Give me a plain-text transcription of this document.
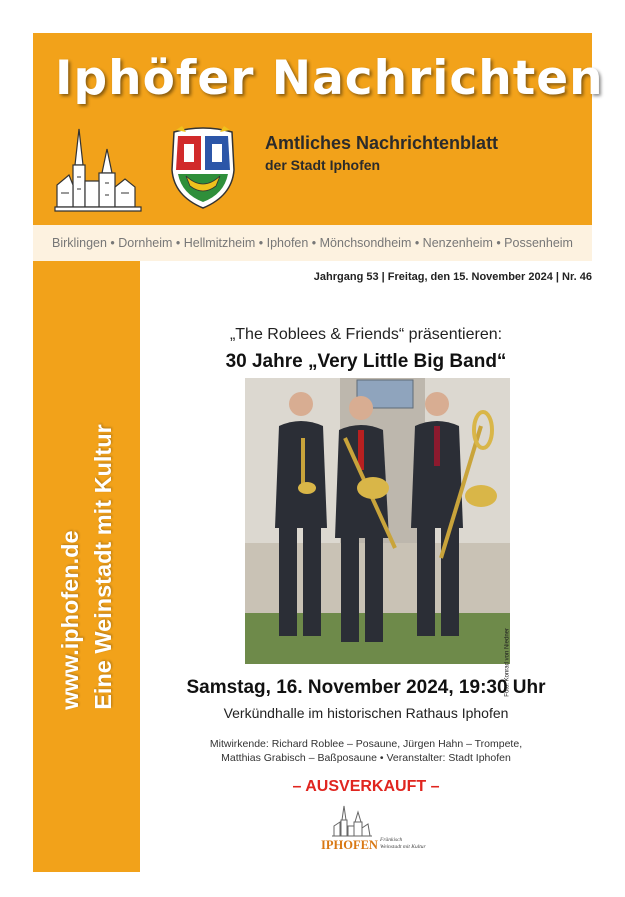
Iphöfer Nachrichten
Amtliches Nachrichtenblatt
der Stadt Iphofen
Birklingen • Dornheim • Hellmitzheim • Iphofen • Mönchsondheim • Nenzenheim • Possenheim
www.iphofen.de Eine Weinstadt mit Kultur
Jahrgang 53 | Freitag, den 15. November 2024 | Nr. 46
„The Roblees & Friends“ präsentieren:
30 Jahre „Very Little Big Band“
Foto: Konrad von Niedner
Samstag, 16. November 2024, 19:30 Uhr
Verkündhalle im historischen Rathaus Iphofen
Mitwirkende: Richard Roblee – Posaune, Jürgen Hahn – Trompete,
Matthias Grabisch – Baßposaune • Veranstalter: Stadt Iphofen
– AUSVERKAUFT –
IPHOFEN Fränkisch
Weinstadt mit Kultur
